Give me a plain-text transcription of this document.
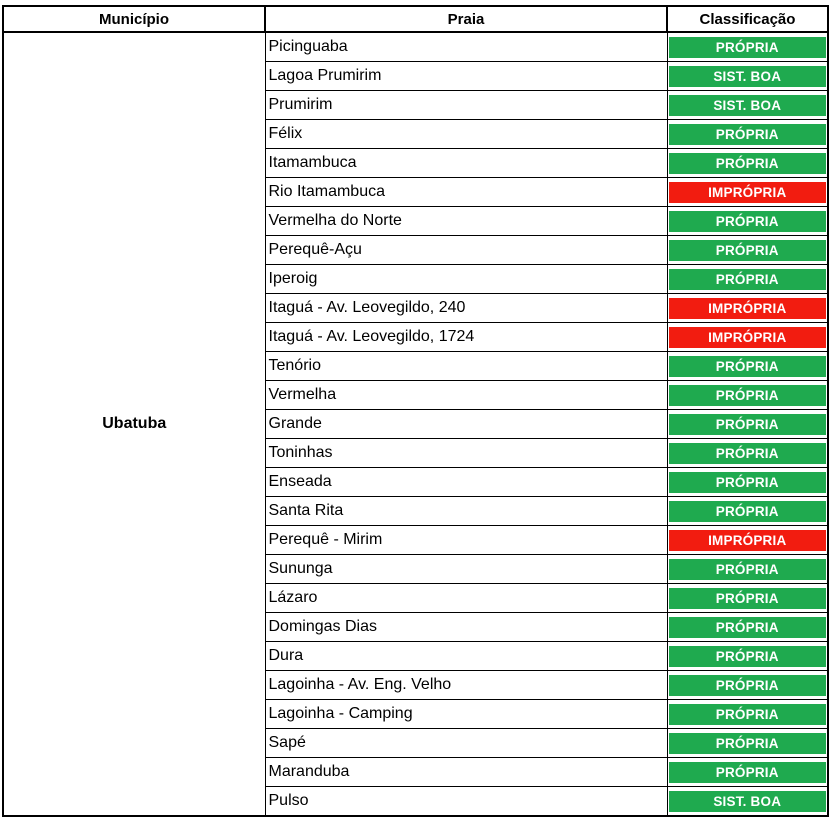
Município	Praia	Classificação
Ubatuba	Picinguaba	PRÓPRIA

	Lagoa Prumirim	SIST. BOA

	Prumirim	SIST. BOA

	Félix	PRÓPRIA

	Itamambuca	PRÓPRIA

	Rio Itamambuca	IMPRÓPRIA

	Vermelha do Norte	PRÓPRIA

	Perequê-Açu	PRÓPRIA

	Iperoig	PRÓPRIA

	Itaguá - Av. Leovegildo, 240	IMPRÓPRIA

	Itaguá - Av. Leovegildo, 1724	IMPRÓPRIA

	Tenório	PRÓPRIA

	Vermelha	PRÓPRIA

	Grande	PRÓPRIA

	Toninhas	PRÓPRIA

	Enseada	PRÓPRIA

	Santa Rita	PRÓPRIA

	Perequê - Mirim	IMPRÓPRIA

	Sununga	PRÓPRIA

	Lázaro	PRÓPRIA

	Domingas Dias	PRÓPRIA

	Dura	PRÓPRIA

	Lagoinha - Av. Eng. Velho	PRÓPRIA

	Lagoinha - Camping	PRÓPRIA

	Sapé	PRÓPRIA

	Maranduba	PRÓPRIA

	Pulso	SIST. BOA
